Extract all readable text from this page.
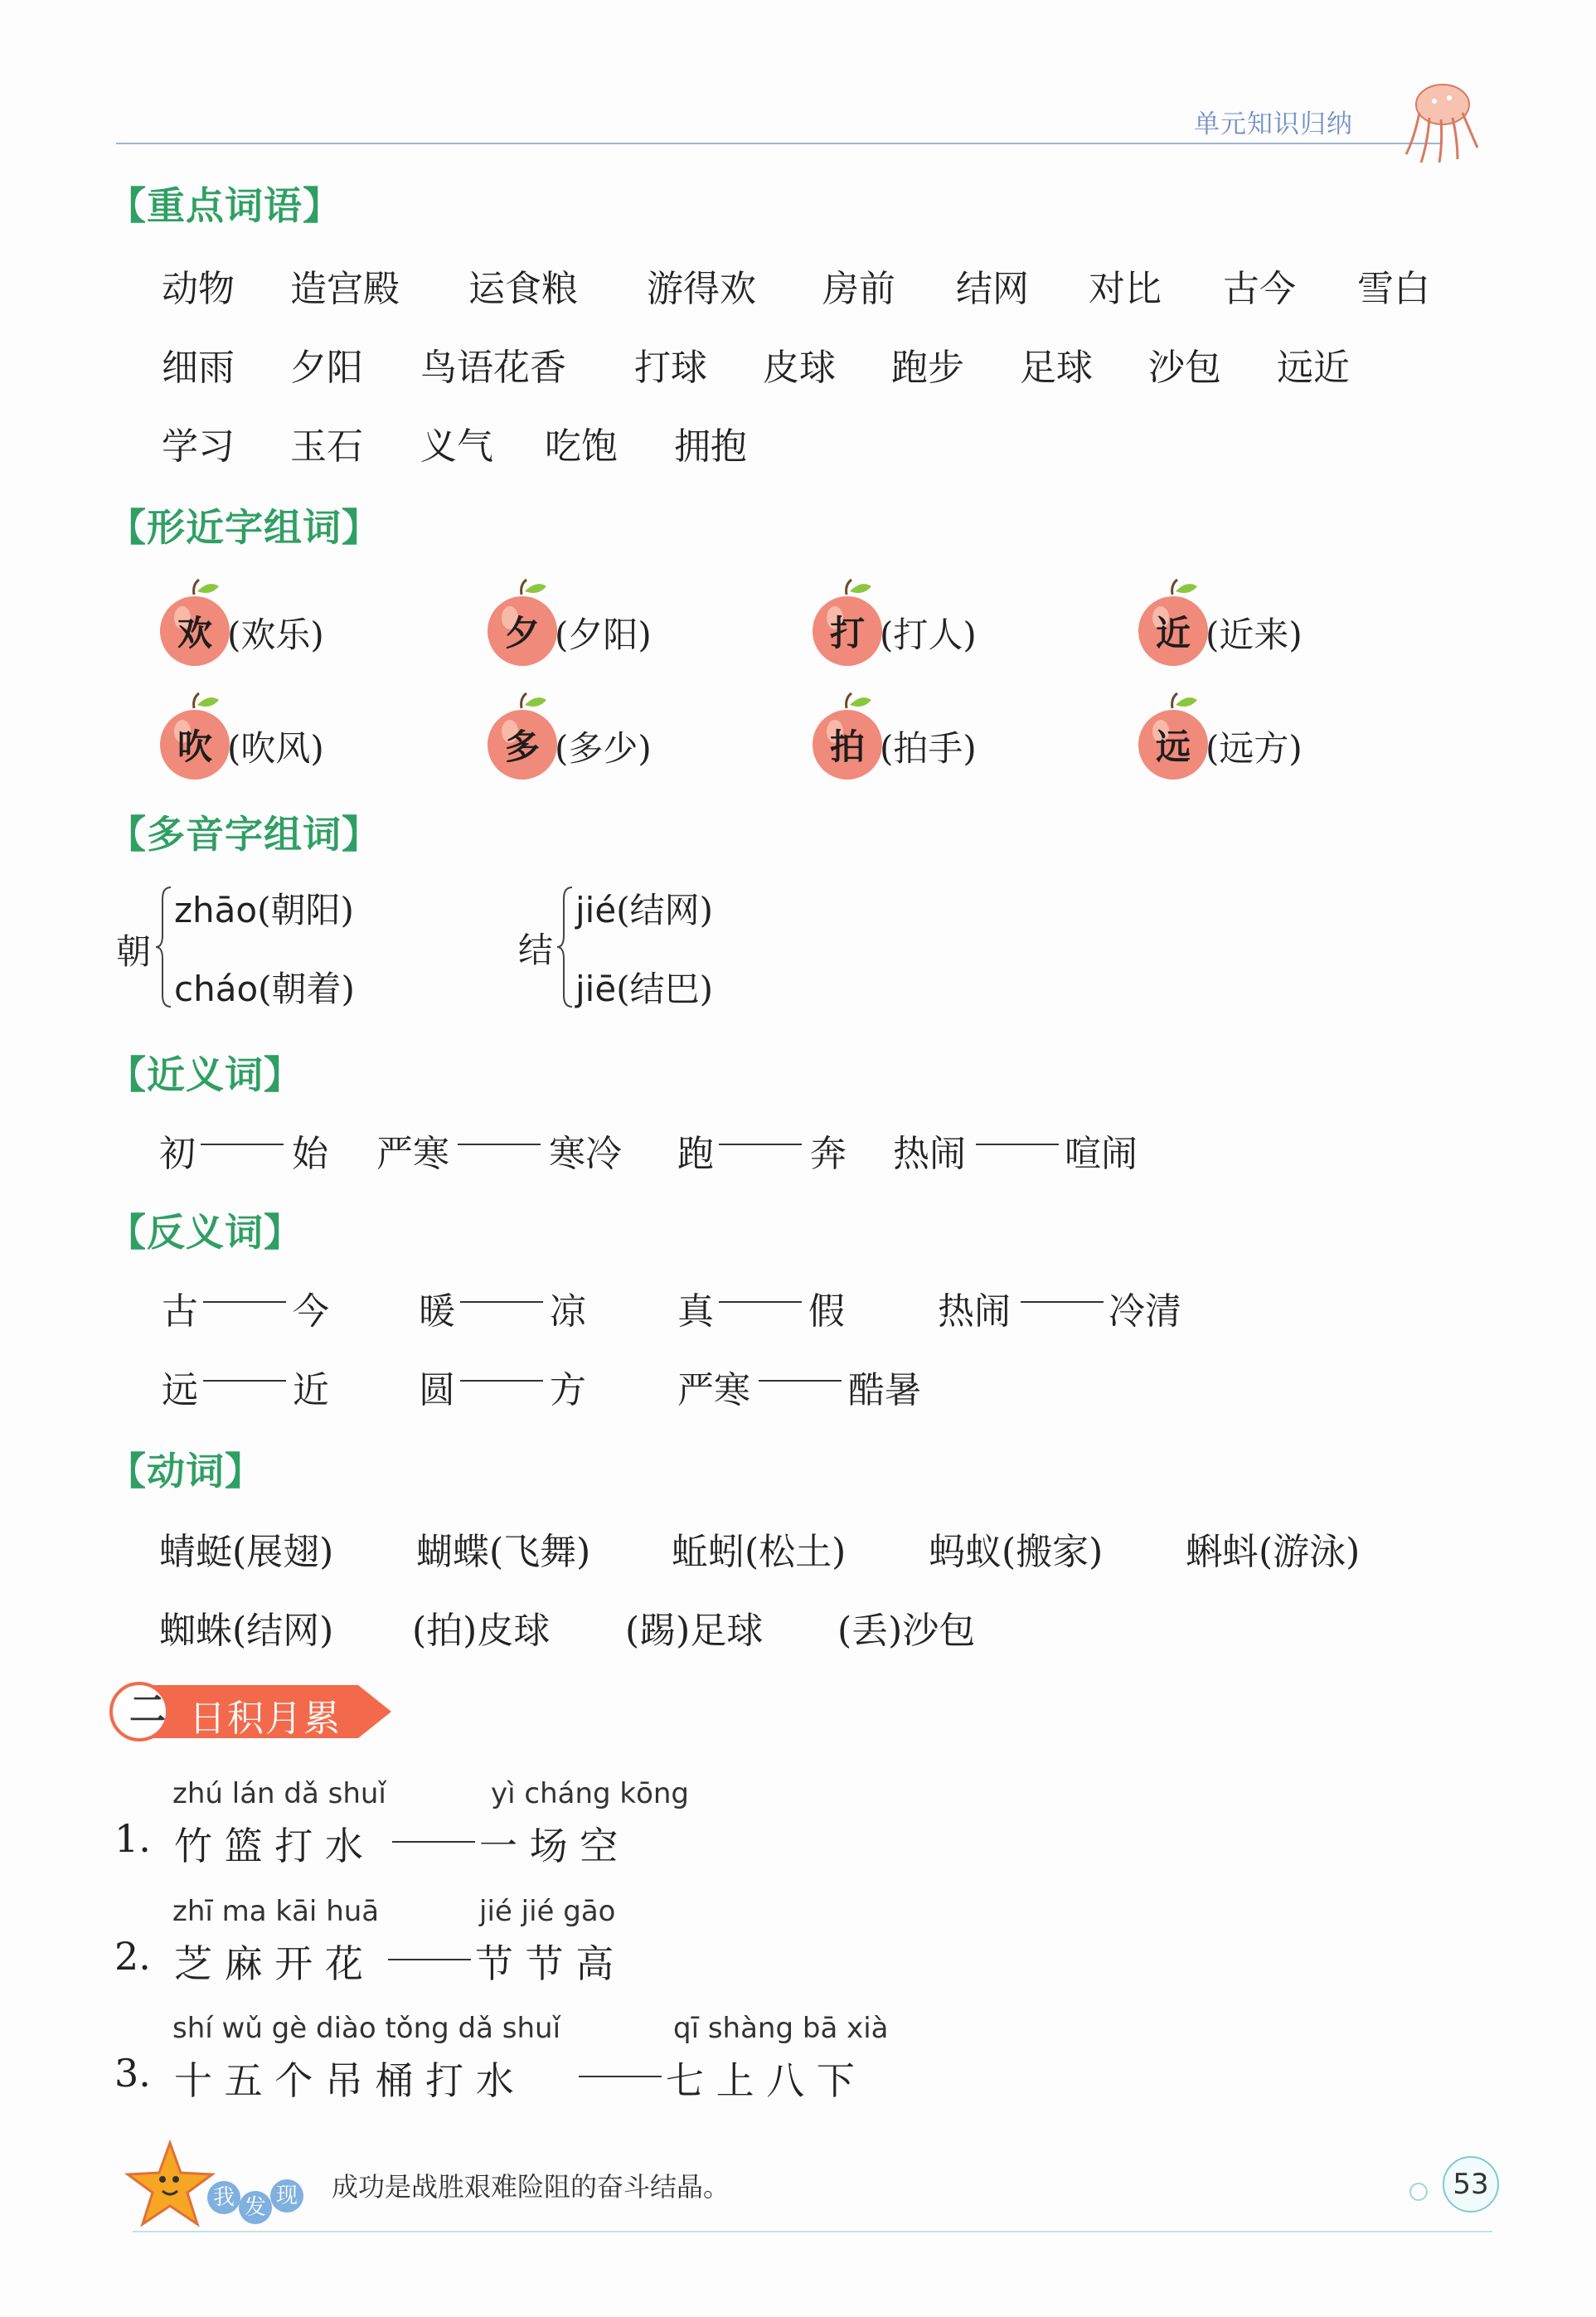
单元知识归纳
【重点词语】
动物 造宫殿 运食粮 游得欢 房前 结网 对比 古今 雪白
细雨 夕阳 鸟语花香 打球 皮球 跑步 足球 沙包 远近
学习 玉石 义气 吃饱 拥抱
【形近字组词】
欢 (欢乐)	夕 (夕阳)	打 (打人)	近 (近来)
吹 (吹风)	多 (多少)	拍 (拍手)	远 (远方)
【多音字组词】
朝
zhāo(朝阳)
cháo(朝着)
结
jié(结网)
jiē(结巴)
【近义词】
初	始 严寒	寒冷 跑	奔 热闹	喧闹
【反义词】
古	今 暖	凉	真	假	热闹	冷清
远	近 圆	方	严寒	酷暑
【动词】
蜻蜓(展翅) 蝴蝶(飞舞) 蚯蚓(松土) 蚂蚁(搬家) 蝌蚪(游泳)
蜘蛛(结网) (拍)皮球 (踢)足球 (丢)沙包
二 日积月累
zhú lán dǎ shuǐ	yì cháng kōng
1. 竹 篮 打 水	一 场 空
zhī ma kāi huā	jié jié gāo
2. 芝 麻 开 花	节 节 高
shí wǔ gè diào tǒng dǎ shuǐ	qī shàng bā xià
3. 十 五 个 吊 桶 打 水	七 上 八 下
我 发 现 成功是战胜艰难险阻的奋斗结晶。	53
